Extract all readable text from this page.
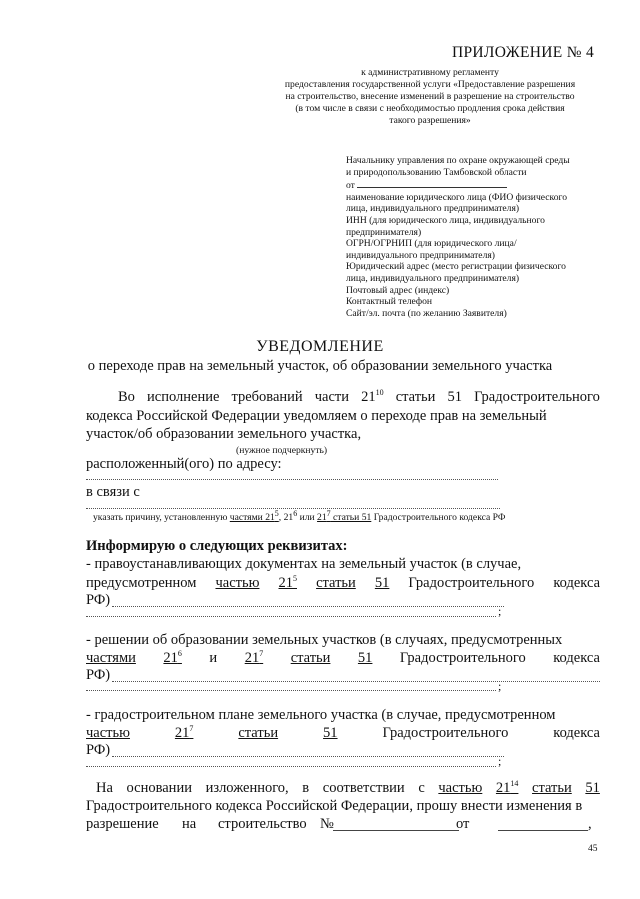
ПРИЛОЖЕНИЕ № 4
к административному регламенту
предоставления государственной услуги «Предоставление разрешения
на строительство, внесение изменений в разрешение на строительство
(в том числе в связи с необходимостью продления срока действия
такого разрешения»
Начальнику управления по охране окружающей среды
и природопользованию Тамбовской области
от
наименование юридического лица (ФИО физического
лица, индивидуального предпринимателя)
ИНН (для юридического лица, индивидуального
предпринимателя)
ОГРН/ОГРНИП (для юридического лица/
индивидуального предпринимателя)
Юридический адрес (место регистрации физического
лица, индивидуального предпринимателя)
Почтовый адрес (индекс)
Контактный телефон
Сайт/эл. почта (по желанию Заявителя)
УВЕДОМЛЕНИЕ
о переходе прав на земельный участок, об образовании земельного участка
Во исполнение требований части $21^{10}$ статьи 51 Градостроительного
кодекса Российской Федерации уведомляем о переходе прав на земельный
участок/об образовании земельного участка,
(нужное подчеркнуть)
расположенный(ого) по адресу:
в связи с
указать причину, установленную частями $21^5$, $21^6$ или $21^7$ статьи 51 Градостроительного кодекса РФ
Информирую о следующих реквизитах:
- правоустанавливающих документах на земельный участок (в случае,
предусмотренном частью $21^5$ статьи 51 Градостроительного кодекса
РФ)
;
- решении об образовании земельных участков (в случаях, предусмотренных
частями $21^6$ и $21^7$ статьи 51 Градостроительного кодекса
РФ)
;
- градостроительном плане земельного участка (в случае, предусмотренном
частью	$21^7$	статьи	51	Градостроительного	кодекса
РФ)
;
На основании изложенного, в соответствии с частью $21^{14}$ статьи 51
Градостроительного кодекса Российской Федерации, прошу внести изменения в
разрешение на строительство №	от	,
45
